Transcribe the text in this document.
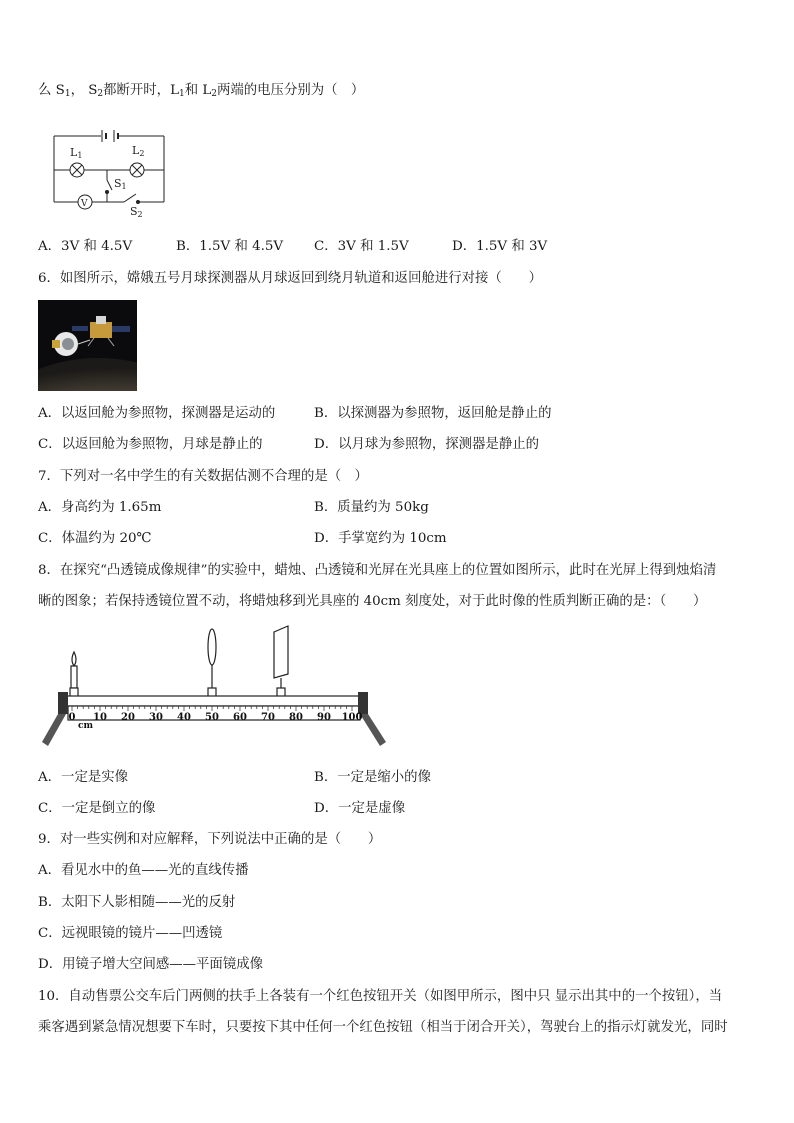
么 $S_1$， $S_2$都断开时，$L_1$和 $L_2$两端的电压分别为（　）
L1	L2
S1
S2
V
A．3V 和 4.5V	B．1.5V 和 4.5V C．3V 和 1.5V	D．1.5V 和 3V
6．如图所示，嫦娥五号月球探测器从月球返回到绕月轨道和返回舱进行对接（　　）
A．以返回舱为参照物，探测器是运动的	B．以探测器为参照物，返回舱是静止的
C．以返回舱为参照物，月球是静止的	D．以月球为参照物，探测器是静止的
7．下列对一名中学生的有关数据估测不合理的是（　）
A．身高约为 1.65m	B．质量约为 50kg
C．体温约为 20℃	D．手掌宽约为 10cm
8．在探究“凸透镜成像规律”的实验中，蜡烛、凸透镜和光屏在光具座上的位置如图所示，此时在光屏上得到烛焰清
晰的图象；若保持透镜位置不动，将蜡烛移到光具座的 40cm 刻度处，对于此时像的性质判断正确的是：（　　）
0 10 20 30 40 50 60 70 80 90 100
cm
A．一定是实像	B．一定是缩小的像
C．一定是倒立的像	D．一定是虚像
9．对一些实例和对应解释，下列说法中正确的是（　　）
A．看见水中的鱼——光的直线传播
B．太阳下人影相随——光的反射
C．远视眼镜的镜片——凹透镜
D．用镜子增大空间感——平面镜成像
10．自动售票公交车后门两侧的扶手上各装有一个红色按钮开关（如图甲所示，图中只 显示出其中的一个按钮），当
乘客遇到紧急情况想要下车时，只要按下其中任何一个红色按钮（相当于闭合开关），驾驶台上的指示灯就发光，同时
